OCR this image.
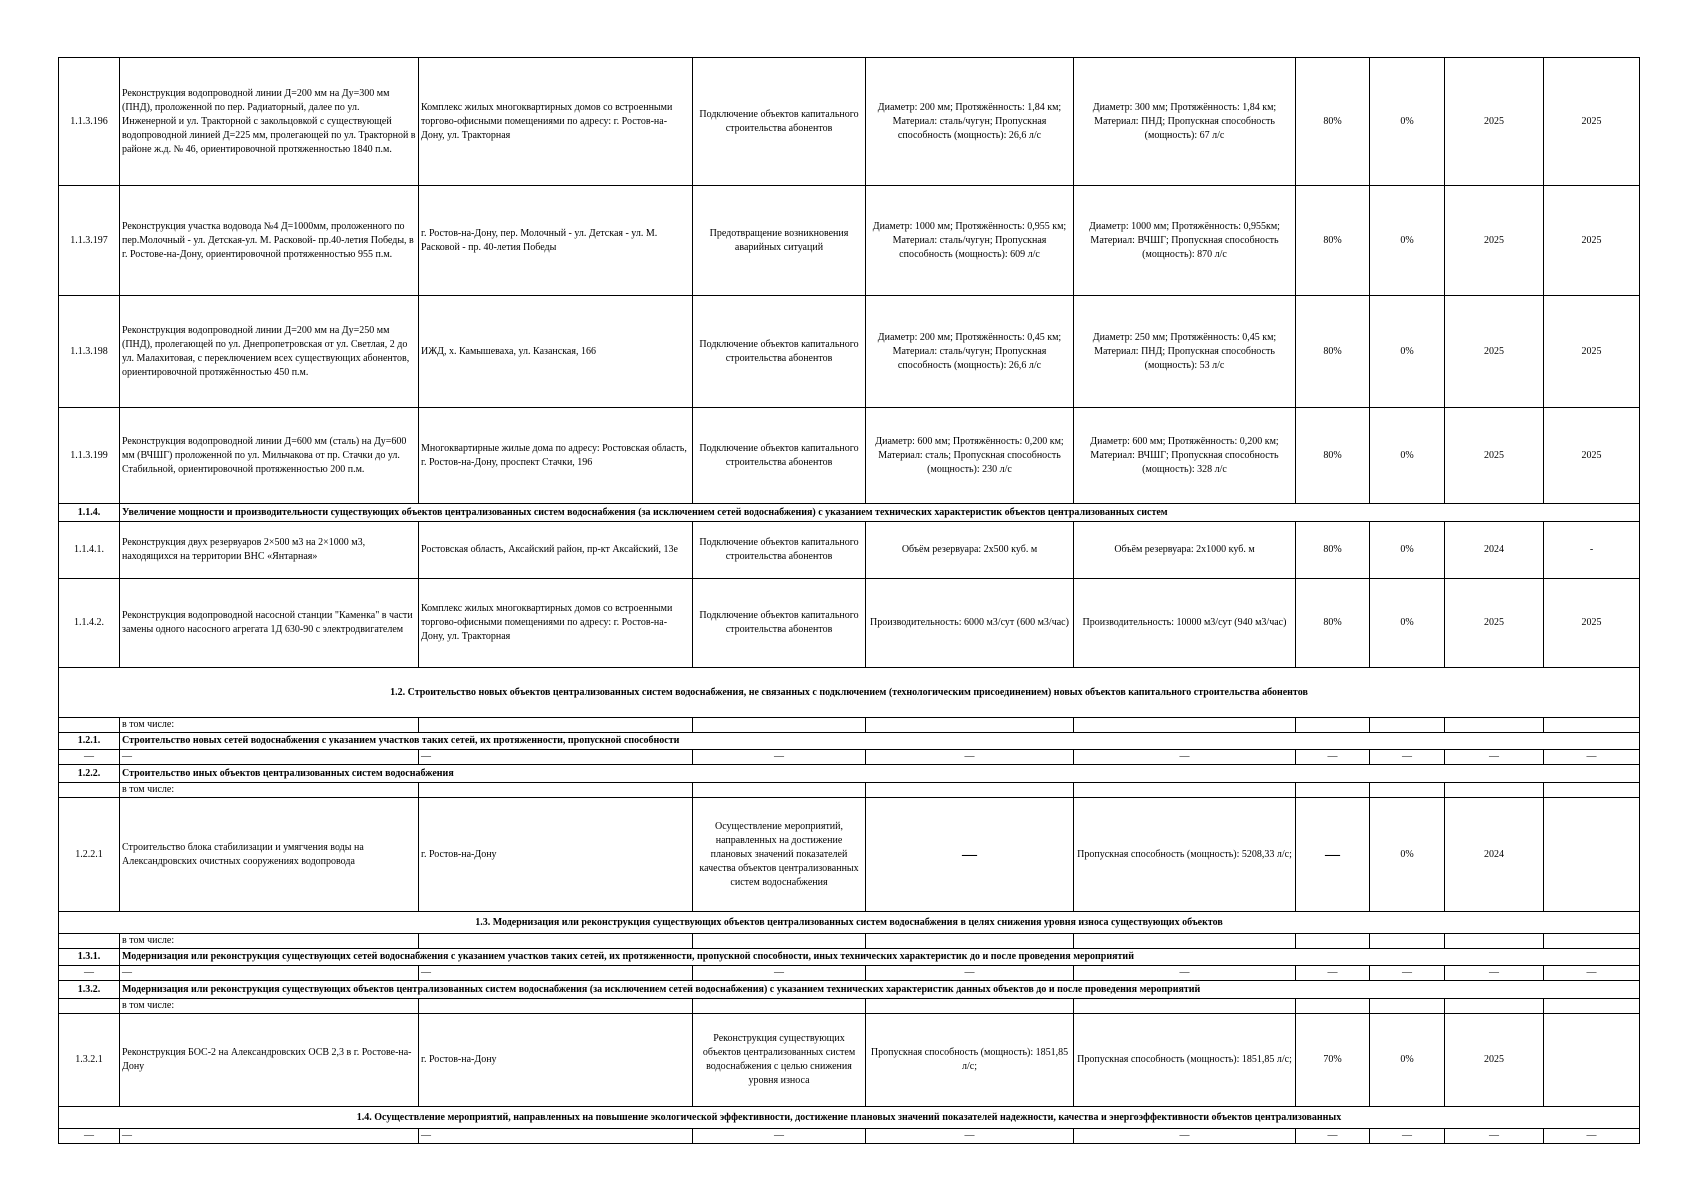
1.1.3.196	Реконструкция водопроводной линии Д=200 мм на Ду=300 мм (ПНД), проложенной по пер. Радиаторный, далее по ул. Инженерной и ул. Тракторной с закольцовкой с существующей водопроводной линией Д=225 мм, пролегающей по ул. Тракторной в районе ж.д. № 46, ориентировочной протяженностью 1840 п.м.	Комплекс жилых многоквартирных домов со встроенными торгово-офисными помещениями по адресу: г. Ростов-на-Дону, ул. Тракторная	Подключение объектов капитального строительства абонентов	Диаметр: 200 мм; Протяжённость: 1,84 км; Материал: сталь/чугун; Пропускная способность (мощность): 26,6 л/с	Диаметр: 300 мм; Протяжённость: 1,84 км; Материал: ПНД; Пропускная способность (мощность): 67 л/с	80%	0%	2025	2025
1.1.3.197	Реконструкция участка водовода №4 Д=1000мм, проложенного по пер.Молочный - ул. Детская-ул. М. Расковой- пр.40-летия Победы, в г. Ростове-на-Дону, ориентировочной протяженностью 955 п.м.	г. Ростов-на-Дону, пер. Молочный - ул. Детская - ул. М. Расковой - пр. 40-летия Победы	Предотвращение возникновения аварийных ситуаций	Диаметр: 1000 мм; Протяжённость: 0,955 км; Материал: сталь/чугун; Пропускная способность (мощность): 609 л/с	Диаметр: 1000 мм; Протяжённость: 0,955км; Материал: ВЧШГ; Пропускная способность (мощность): 870 л/с	80%	0%	2025	2025
1.1.3.198	Реконструкция водопроводной линии Д=200 мм на Ду=250 мм (ПНД), пролегающей по ул. Днепропетровская от ул. Светлая, 2 до ул. Малахитовая, с переключением всех существующих абонентов, ориентировочной протяжённостью 450 п.м.	ИЖД, х. Камышеваха, ул. Казанская, 166	Подключение объектов капитального строительства абонентов	Диаметр: 200 мм; Протяжённость: 0,45 км; Материал: сталь/чугун; Пропускная способность (мощность): 26,6 л/с	Диаметр: 250 мм; Протяжённость: 0,45 км; Материал: ПНД; Пропускная способность (мощность): 53 л/с	80%	0%	2025	2025
1.1.3.199	Реконструкция водопроводной линии Д=600 мм (сталь) на Ду=600 мм (ВЧШГ) проложенной по ул. Мильчакова от пр. Стачки до ул. Стабильной, ориентировочной протяженностью 200 п.м.	Многоквартирные жилые дома по адресу: Ростовская область, г. Ростов-на-Дону, проспект Стачки, 196	Подключение объектов капитального строительства абонентов	Диаметр: 600 мм; Протяжённость: 0,200 км; Материал: сталь; Пропускная способность (мощность): 230 л/с	Диаметр: 600 мм; Протяжённость: 0,200 км; Материал: ВЧШГ; Пропускная способность (мощность): 328 л/с	80%	0%	2025	2025
1.1.4.	Увеличение мощности и производительности существующих объектов централизованных систем водоснабжения (за исключением сетей водоснабжения) с указанием технических характеристик объектов централизованных систем								
1.1.4.1.	Реконструкция двух резервуаров 2×500 м3 на 2×1000 м3, находящихся на территории ВНС «Янтарная»	Ростовская область, Аксайский район, пр-кт Аксайский, 13е	Подключение объектов капитального строительства абонентов	Объём резервуара: 2х500 куб. м	Объём резервуара: 2х1000 куб. м	80%	0%	2024	-
1.1.4.2.	Реконструкция водопроводной насосной станции "Каменка" в части замены одного насосного агрегата 1Д 630-90 с электродвигателем	Комплекс жилых многоквартирных домов со встроенными торгово-офисными помещениями по адресу: г. Ростов-на-Дону, ул. Тракторная	Подключение объектов капитального строительства абонентов	Производительность: 6000 м3/сут (600 м3/час)	Производительность: 10000 м3/сут (940 м3/час)	80%	0%	2025	2025
1.2. Строительство новых объектов централизованных систем водоснабжения, не связанных с подключением (технологическим присоединением) новых объектов капитального строительства абонентов									
	в том числе:								
1.2.1.	Строительство новых сетей водоснабжения с указанием участков таких сетей, их протяженности, пропускной способности								
—	—	—	—	—	—	—	—	—	—
1.2.2.	Строительство иных объектов централизованных систем водоснабжения								
	в том числе:								
1.2.2.1	Строительство блока стабилизации и умягчения воды на Александровских очистных сооружениях водопровода	г. Ростов-на-Дону	Осуществление мероприятий, направленных на достижение плановых значений показателей качества объектов централизованных систем водоснабжения	—	Пропускная способность (мощность): 5208,33 л/с;	—	0%	2024	
1.3. Модернизация или реконструкция существующих объектов централизованных систем водоснабжения в целях снижения уровня износа существующих объектов									
	в том числе:								
1.3.1.	Модернизация или реконструкция существующих сетей водоснабжения с указанием участков таких сетей, их протяженности, пропускной способности, иных технических характеристик до и после проведения мероприятий								
—	—	—	—	—	—	—	—	—	—
1.3.2.	Модернизация или реконструкция существующих объектов централизованных систем водоснабжения (за исключением сетей водоснабжения) с указанием технических характеристик данных объектов до и после проведения мероприятий								
	в том числе:								
1.3.2.1	Реконструкция БОС-2 на Александровских ОСВ 2,3 в г. Ростове-на-Дону	г. Ростов-на-Дону	Реконструкция существующих объектов централизованных систем водоснабжения с целью снижения уровня износа	Пропускная способность (мощность): 1851,85 л/с;	Пропускная способность (мощность): 1851,85 л/с;	70%	0%	2025	
1.4. Осуществление мероприятий, направленных на повышение экологической эффективности, достижение плановых значений показателей надежности, качества и энергоэффективности объектов централизованных									
—	—	—	—	—	—	—	—	—	—
